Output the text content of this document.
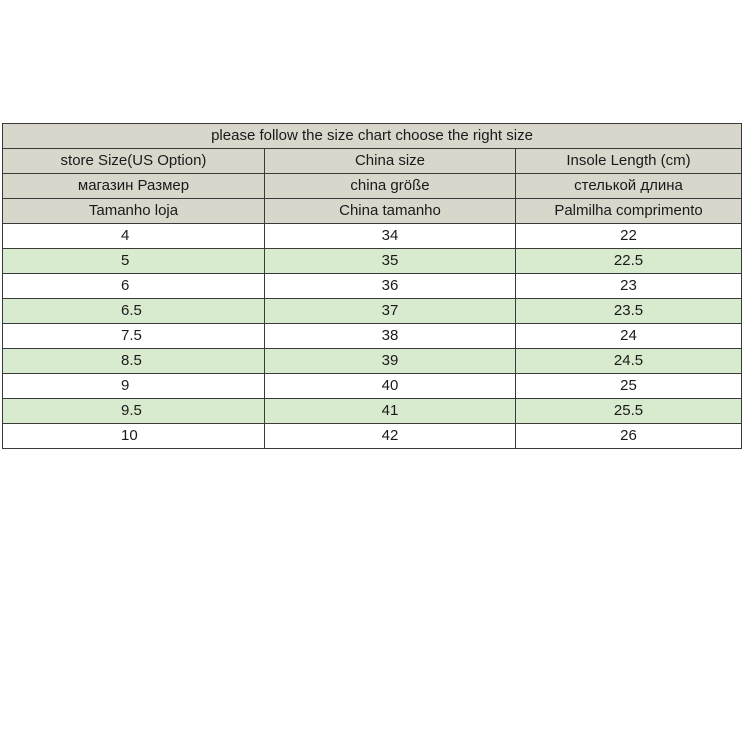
please follow the size chart choose the right size		
store Size(US Option)	China size	Insole Length (cm)
магазин Размер	china größe	стелькой длина
Tamanho loja	China tamanho	Palmilha comprimento
4	34	22
5	35	22.5
6	36	23
6.5	37	23.5
7.5	38	24
8.5	39	24.5
9	40	25
9.5	41	25.5
10	42	26
